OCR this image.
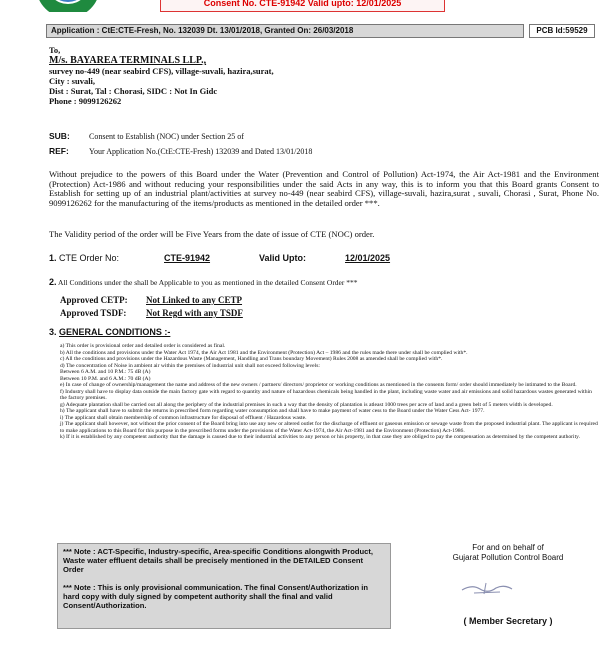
Consent No. CTE-91942 Valid upto: 12/01/2025
Application : CtE:CTE-Fresh, No. 132039 Dt. 13/01/2018, Granted On: 26/03/2018	PCB Id:59529
To,
M/s. BAYAREA TERMINALS LLP.,
survey no-449 (near seabird CFS), village-suvali, hazira,surat,
City : suvali,
Dist : Surat, Tal : Chorasi, SIDC : Not In Gidc
Phone : 9099126262
SUB: Consent to Establish (NOC) under Section 25 of
REF:	Your Application No.(CtE:CTE-Fresh) 132039 and Dated 13/01/2018
Without prejudice to the powers of this Board under the Water (Prevention and Control of Pollution) Act-1974, the Air Act-1981 and the Environment (Protection) Act-1986 and without reducing your responsibilities under the said Acts in any way, this is to inform you that this Board grants Consent to Establish for setting up of an industrial plant/activities at survey no-449 (near seabird CFS), village-suvali, hazira,surat , suvali, Chorasi , Surat, Phone No. 9099126262 for the manufacturing of the items/products as mentioned in the detailed order ***.
The Validity period of the order will be Five Years from the date of issue of CTE (NOC) order.
1. CTE Order No:	CTE-91942	Valid Upto:	12/01/2025
2. All Conditions under the shall be Applicable to you as mentioned in the detailed Consent Order ***
Approved CETP: Not Linked to any CETP
Approved TSDF: Not Regd with any TSDF
3. GENERAL CONDITIONS :-
a) This order is provisional order and detailed order is considered as final.
b) All the conditions and provisions under the Water Act 1974, the Air Act 1981 and the Environment (Protection) Act – 1986 and the rules made there under shall be complied with*.
c) All the conditions and provisions under the Hazardous Waste (Management, Handling and Trans boundary Movement) Rules 2008 as amended shall be complied with*.
d) The concentration of Noise in ambient air within the premises of industrial unit shall not exceed following levels:
Between 6 A.M. and 10 P.M.: 75 dB (A)
Between 10 P.M. and 6 A.M.: 70 dB (A)
e) In case of change of ownership/management the name and address of the new owners / partners/ directors/ proprietor or working conditions as mentioned in the consents form/ order should immediately be intimated to the Board.
f) Industry shall have to display data outside the main factory gate with regard to quantity and nature of hazardous chemicals being handled in the plant, including waste water and air emissions and solid hazardous wastes generated within the factory premises.
g) Adequate plantation shall be carried out all along the periphery of the industrial premises in such a way that the density of plantation is atleast 1000 trees per acre of land and a green belt of 5 meters width is developed.
h) The applicant shall have to submit the returns in prescribed form regarding water consumption and shall have to make payment of water cess to the Board under the Water Cess Act- 1977.
i) The applicant shall obtain membership of common infrastructure for disposal of effluent / Hazardous waste.
j) The applicant shall however, not without the prior consent of the Board bring into use any new or altered outlet for the discharge of effluent or gaseous emission or sewage waste from the proposed industrial plant. The applicant is required to make applications to this Board for this purpose in the prescribed forms under the provisions of the Water Act-1974, the Air Act-1981 and the Environment (Protection) Act-1986.
k) If it is established by any competent authority that the damage is caused due to their industrial activities to any person or his property, in that case they are obliged to pay the compensation as determined by the competent authority.

*** Note : ACT-Specific, Industry-specific, Area-specific Conditions alongwith Product, Waste water effluent details shall be precisely mentioned in the DETAILED Consent Order

*** Note : This is only provisional communication. The final Consent/Authorization in hard copy with duly signed by competent authority shall the final and valid Consent/Authorization.

For and on behalf of
Gujarat Pollution Control Board
( Member Secretary )
